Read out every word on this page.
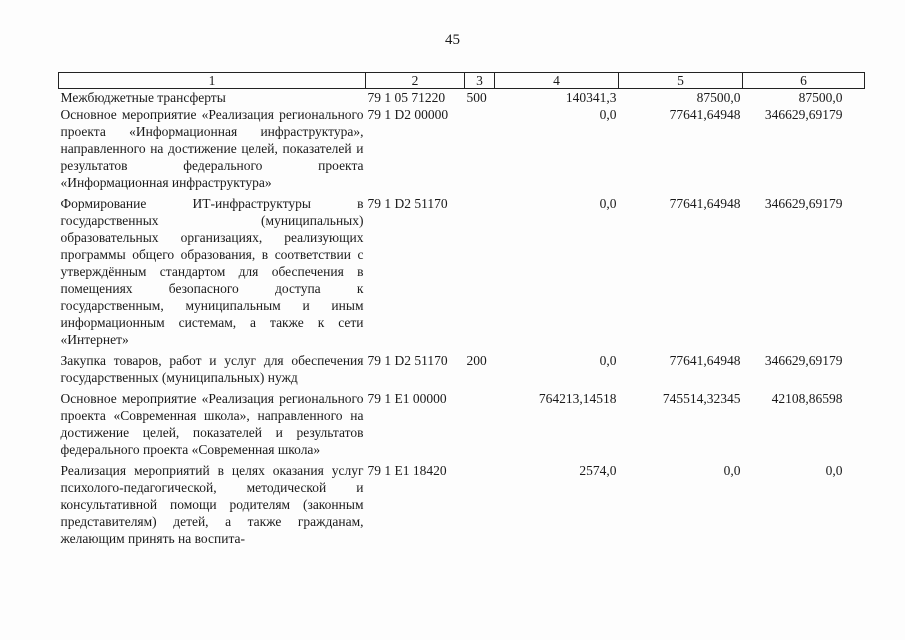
45
1	2	3	4	5	6
Межбюджетные трансферты	79 1 05 71220	500	140341,3	87500,0	87500,0
Основное мероприятие «Реализация регионального проекта «Информационная инфраструктура», направленного на достижение целей, показателей и результатов федерального проекта «Информационная инфраструктура»	79 1 D2 00000		0,0	77641,64948	346629,69179

Формирование ИТ-инфраструктуры в государственных (муниципальных) образовательных организациях, реализующих программы общего образования, в соответствии с утверждённым стандартом для обеспечения в помещениях безопасного доступа к государственным, муниципальным и иным информационным системам, а также к сети «Интернет»	79 1 D2 51170		0,0	77641,64948	346629,69179

Закупка товаров, работ и услуг для обеспечения государственных (муниципальных) нужд	79 1 D2 51170	200	0,0	77641,64948	346629,69179

Основное мероприятие «Реализация регионального проекта «Современная школа», направленного на достижение целей, показателей и результатов федерального проекта «Современная школа»	79 1 E1 00000		764213,14518	745514,32345	42108,86598

Реализация мероприятий в целях оказания услуг психолого-педагогической, методической и консультативной помощи родителям (законным представителям) детей, а также гражданам, желающим принять на воспита-	79 1 E1 18420		2574,0	0,0	0,0
